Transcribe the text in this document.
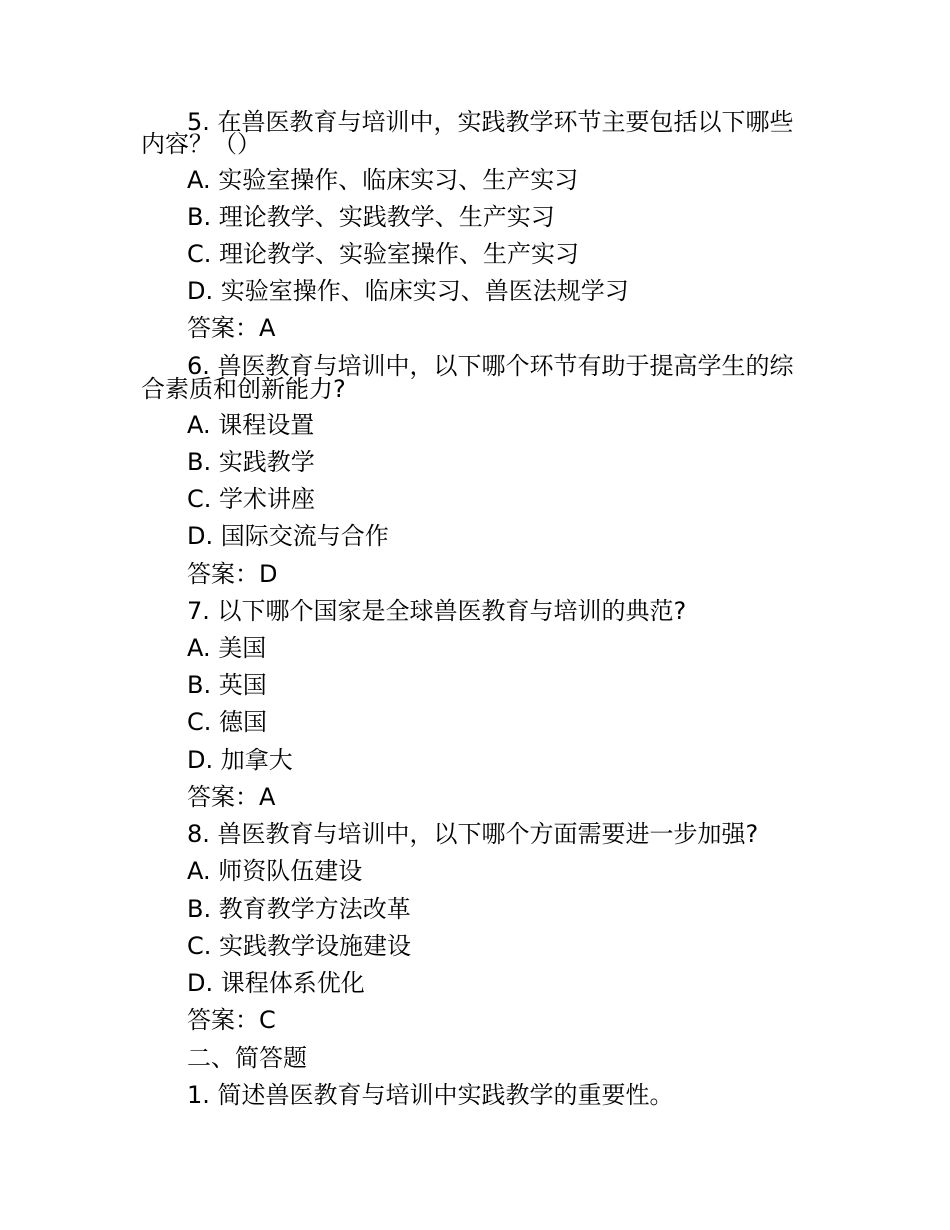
5. 在兽医教育与培训中，实践教学环节主要包括以下哪些
内容？（）
A. 实验室操作、临床实习、生产实习
B. 理论教学、实践教学、生产实习
C. 理论教学、实验室操作、生产实习
D. 实验室操作、临床实习、兽医法规学习
答案：A
6. 兽医教育与培训中，以下哪个环节有助于提高学生的综
合素质和创新能力?
A. 课程设置
B. 实践教学
C. 学术讲座
D. 国际交流与合作
答案：D
7. 以下哪个国家是全球兽医教育与培训的典范?
A. 美国
B. 英国
C. 德国
D. 加拿大
答案：A
8. 兽医教育与培训中，以下哪个方面需要进一步加强?
A. 师资队伍建设
B. 教育教学方法改革
C. 实践教学设施建设
D. 课程体系优化
答案：C
二、简答题
1. 简述兽医教育与培训中实践教学的重要性。
